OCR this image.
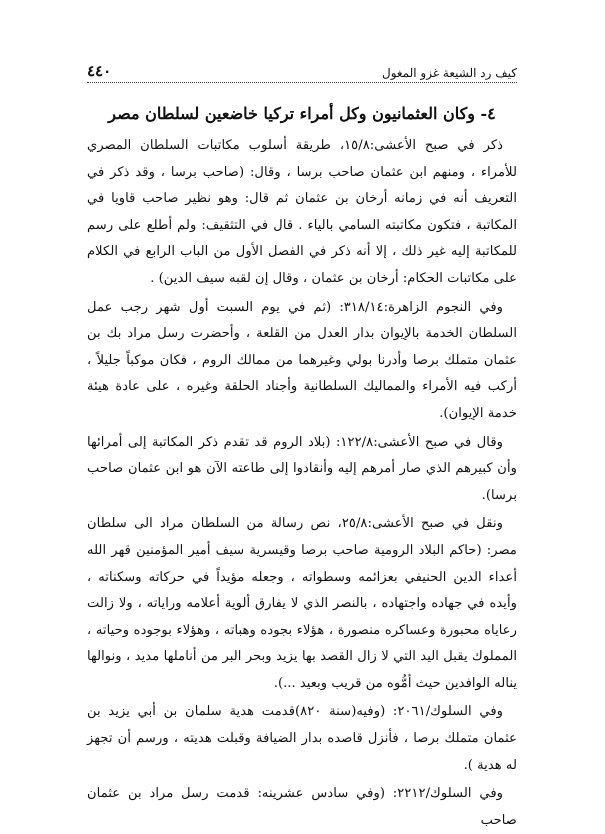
كيف رد الشيعة غزو المغول
٤٤٠
٤- وكان العثمانيون وكل أمراء تركيا خاضعين لسلطان مصر

ذكر في صبح الأعشى:١٥/٨، طريقة أسلوب مكاتبات السلطان المصري للأمراء ، ومنهم ابن عثمان صاحب برسا ، وقال: (صاحب برسا ، وقد ذكر في التعريف أنه في زمانه أرخان بن عثمان ثم قال: وهو نظير صاحب قاويا في المكاتبة ، فتكون مكاتبته السامي بالياء . قال في التثقيف: ولم أطلع على رسم للمكاتبة إليه غير ذلك ، إلا أنه ذكر في الفصل الأول من الباب الرابع في الكلام على مكاتبات الحكام: أرخان بن عثمان ، وقال إن لقبه سيف الدين) .

وفي النجوم الزاهرة:٣١٨/١٤: (ثم في يوم السبت أول شهر رجب عمل السلطان الخدمة بالإيوان بدار العدل من القلعة ، وأحضرت رسل مراد بك بن عثمان متملك برصا وأدرنا بولي وغيرهما من ممالك الروم ، فكان موكباً جليلاً ، أركب فيه الأمراء والمماليك السلطانية وأجناد الحلقة وغيره ، على عادة هيئة خدمة الإيوان).

وقال في صبح الأعشى:١٢٢/٨: (بلاد الروم قد تقدم ذكر المكاتبة إلى أمرائها وأن كبيرهم الذي صار أمرهم إليه وأنقادوا إلى طاعته الآن هو ابن عثمان صاحب برسا).

ونقل في صبح الأعشى:٢٥/٨، نص رسالة من السلطان مراد الى سلطان مصر: (حاكم البلاد الرومية صاحب برصا وقيسرية سيف أمير المؤمنين قهر الله أعداء الدين الحنيفي بعزائمه وسطواته ، وجعله مؤيداً في حركاته وسكناته ، وأيده في جهاده واجتهاده ، بالنصر الذي لا يفارق ألوية أعلامه وراياته ، ولا زالت رعاياه محبورة وعساكره منصورة ، هؤلاء بجوده وهباته ، وهؤلاء بوجوده وحياته ، المملوك يقبل اليد التي لا زال القصد بها يزيد وبحر البر من أناملها مديد ، ونوالها يناله الوافدين حيث أمُّوه من قريب وبعيد ...).

وفي السلوك/٢٠٦١: (وفيه(سنة ٨٢٠)قدمت هدية سلمان بن أبي يزيد بن عثمان متملك برصا ، فأنزل قاصده بدار الضيافة وقبلت هديته ، ورسم أن تجهز له هدية ).

وفي السلوك/٢٢١٢: (وفي سادس عشرينه: قدمت رسل مراد بن عثمان صاحب
